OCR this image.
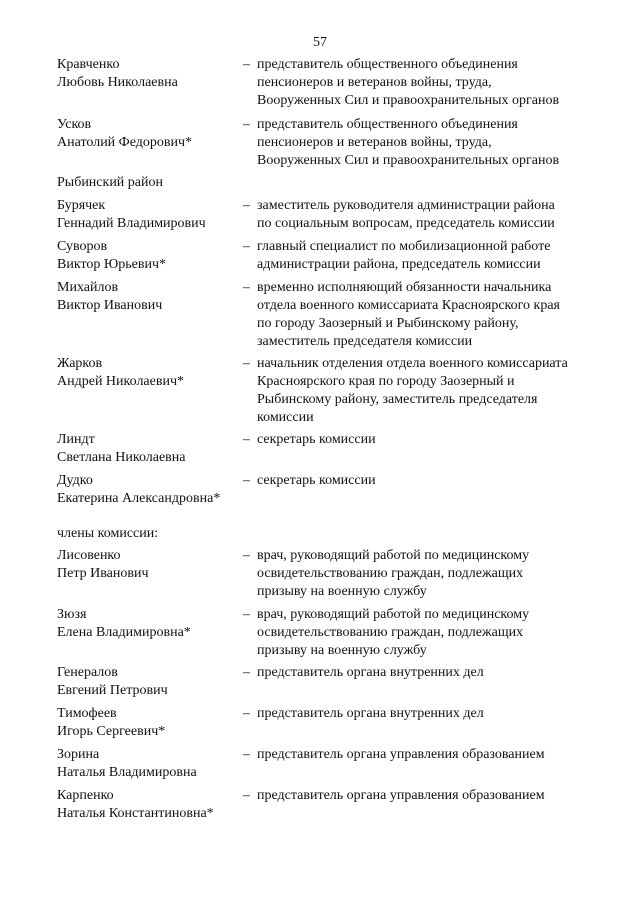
57
Кравченко
Любовь Николаевна
– представитель общественного объединения
пенсионеров и ветеранов войны, труда,
Вооруженных Сил и правоохранительных органов
Усков
Анатолий Федорович*
– представитель общественного объединения
пенсионеров и ветеранов войны, труда,
Вооруженных Сил и правоохранительных органов
Рыбинский район
Бурячек
Геннадий Владимирович
– заместитель руководителя администрации района
по социальным вопросам, председатель комиссии
Суворов
Виктор Юрьевич*
– главный специалист по мобилизационной работе
администрации района, председатель комиссии
Михайлов
Виктор Иванович
– временно исполняющий обязанности начальника
отдела военного комиссариата Красноярского края
по городу Заозерный и Рыбинскому району,
заместитель председателя комиссии
Жарков
Андрей Николаевич*
– начальник отделения отдела военного комиссариата
Красноярского края по городу Заозерный и
Рыбинскому району, заместитель председателя
комиссии
Линдт
Светлана Николаевна
– секретарь комиссии
Дудко
Екатерина Александровна*
– секретарь комиссии
члены комиссии:
Лисовенко
Петр Иванович
– врач, руководящий работой по медицинскому
освидетельствованию граждан, подлежащих
призыву на военную службу
Зюзя
Елена Владимировна*
– врач, руководящий работой по медицинскому
освидетельствованию граждан, подлежащих
призыву на военную службу
Генералов
Евгений Петрович
– представитель органа внутренних дел
Тимофеев
Игорь Сергеевич*
– представитель органа внутренних дел
Зорина
Наталья Владимировна
– представитель органа управления образованием
Карпенко
Наталья Константиновна*
– представитель органа управления образованием
